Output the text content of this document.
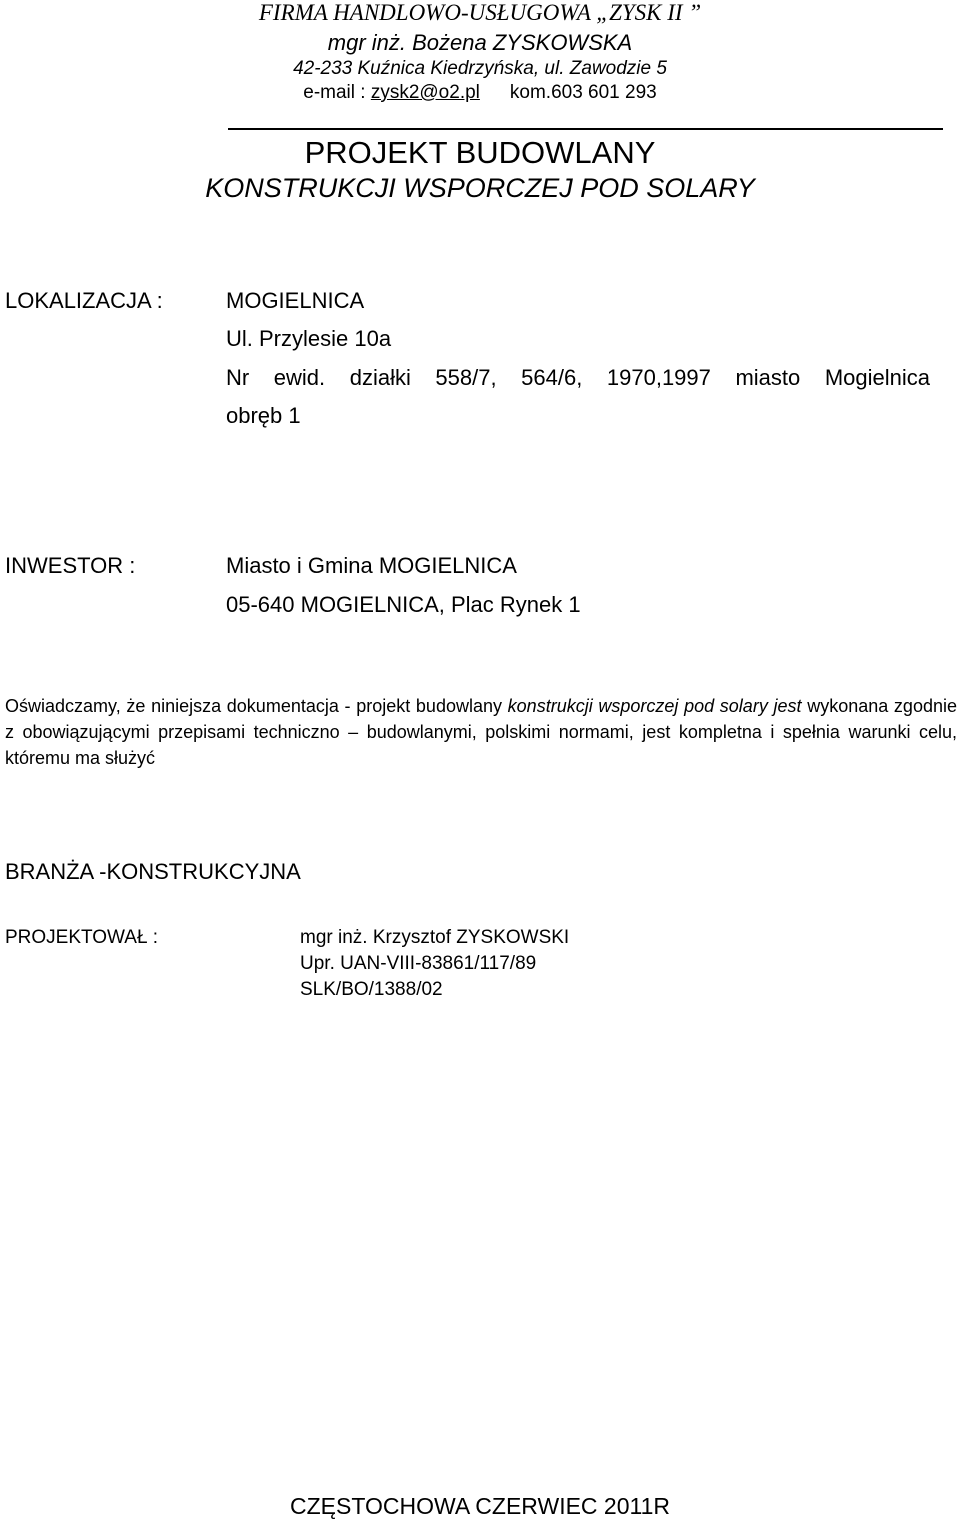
FIRMA HANDLOWO-USŁUGOWA „ZYSK II ”
mgr inż. Bożena ZYSKOWSKA
42-233 Kuźnica Kiedrzyńska, ul. Zawodzie 5
e-mail : zysk2@o2.pl kom.603 601 293
PROJEKT BUDOWLANY
KONSTRUKCJI WSPORCZEJ POD SOLARY
LOKALIZACJA :	MOGIELNICA
Ul. Przylesie 10a
Nr ewid. działki 558/7, 564/6, 1970,1997 miasto Mogielnica
obręb 1
INWESTOR :	Miasto i Gmina MOGIELNICA
05-640 MOGIELNICA, Plac Rynek 1
Oświadczamy, że niniejsza dokumentacja - projekt budowlany konstrukcji wsporczej pod solary jest wykonana zgodnie z obowiązującymi przepisami techniczno – budowlanymi, polskimi normami, jest kompletna i spełnia warunki celu, któremu ma służyć
BRANŻA -KONSTRUKCYJNA
PROJEKTOWAŁ :	mgr inż. Krzysztof ZYSKOWSKI
Upr. UAN-VIII-83861/117/89
SLK/BO/1388/02
CZĘSTOCHOWA CZERWIEC 2011R
